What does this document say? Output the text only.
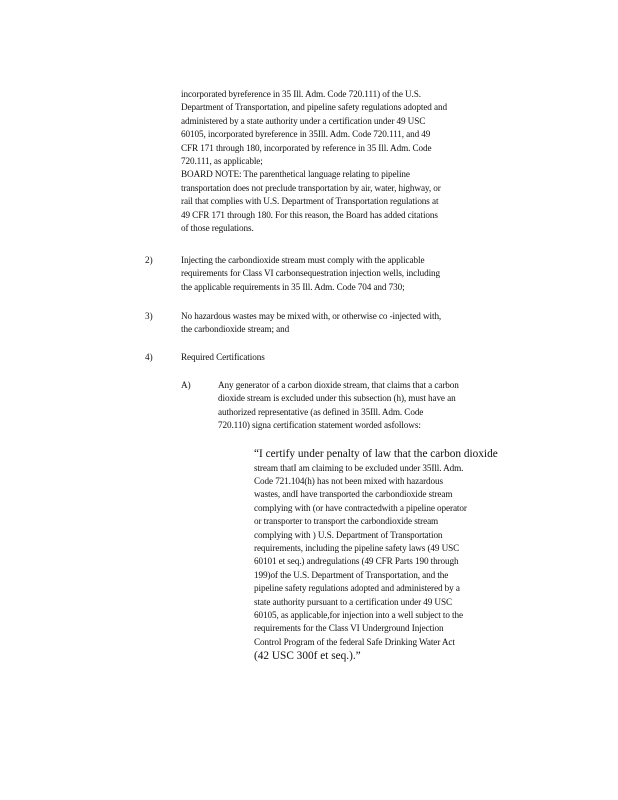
incorporated byreference in 35 Ill. Adm. Code 720.111) of the U.S.
Department of Transportation, and pipeline safety regulations adopted and
administered by a state authority under a certification under 49 USC
60105, incorporated byreference in 35Ill. Adm. Code 720.111, and 49
CFR 171 through 180, incorporated by reference in 35 Ill. Adm. Code
720.111, as applicable;
BOARD NOTE: The parenthetical language relating to pipeline
transportation does not preclude transportation by air, water, highway, or
rail that complies with U.S. Department of Transportation regulations at
49 CFR 171 through 180. For this reason, the Board has added citations
of those regulations.
2)	Injecting the carbondioxide stream must comply with the applicable
requirements for Class VI carbonsequestration injection wells, including
the applicable requirements in 35 Ill. Adm. Code 704 and 730;
3)	No hazardous wastes may be mixed with, or otherwise co -injected with,
the carbondioxide stream; and
4)	Required Certifications
A)	Any generator of a carbon dioxide stream, that claims that a carbon
dioxide stream is excluded under this subsection (h), must have an
authorized representative (as defined in 35Ill. Adm. Code
720.110) signa certification statement worded asfollows:
“I certify under penalty of law that the carbon dioxide
stream thatI am claiming to be excluded under 35Ill. Adm.
Code 721.104(h) has not been mixed with hazardous
wastes, andI have transported the carbondioxide stream
complying with (or have contractedwith a pipeline operator
or transporter to transport the carbondioxide stream
complying with ) U.S. Department of Transportation
requirements, including the pipeline safety laws (49 USC
60101 et seq.) andregulations (49 CFR Parts 190 through
199)of the U.S. Department of Transportation, and the
pipeline safety regulations adopted and administered by a
state authority pursuant to a certification under 49 USC
60105, as applicable,for injection into a well subject to the
requirements for the Class VI Underground Injection
Control Program of the federal Safe Drinking Water Act
(42 USC 300f et seq.).”
